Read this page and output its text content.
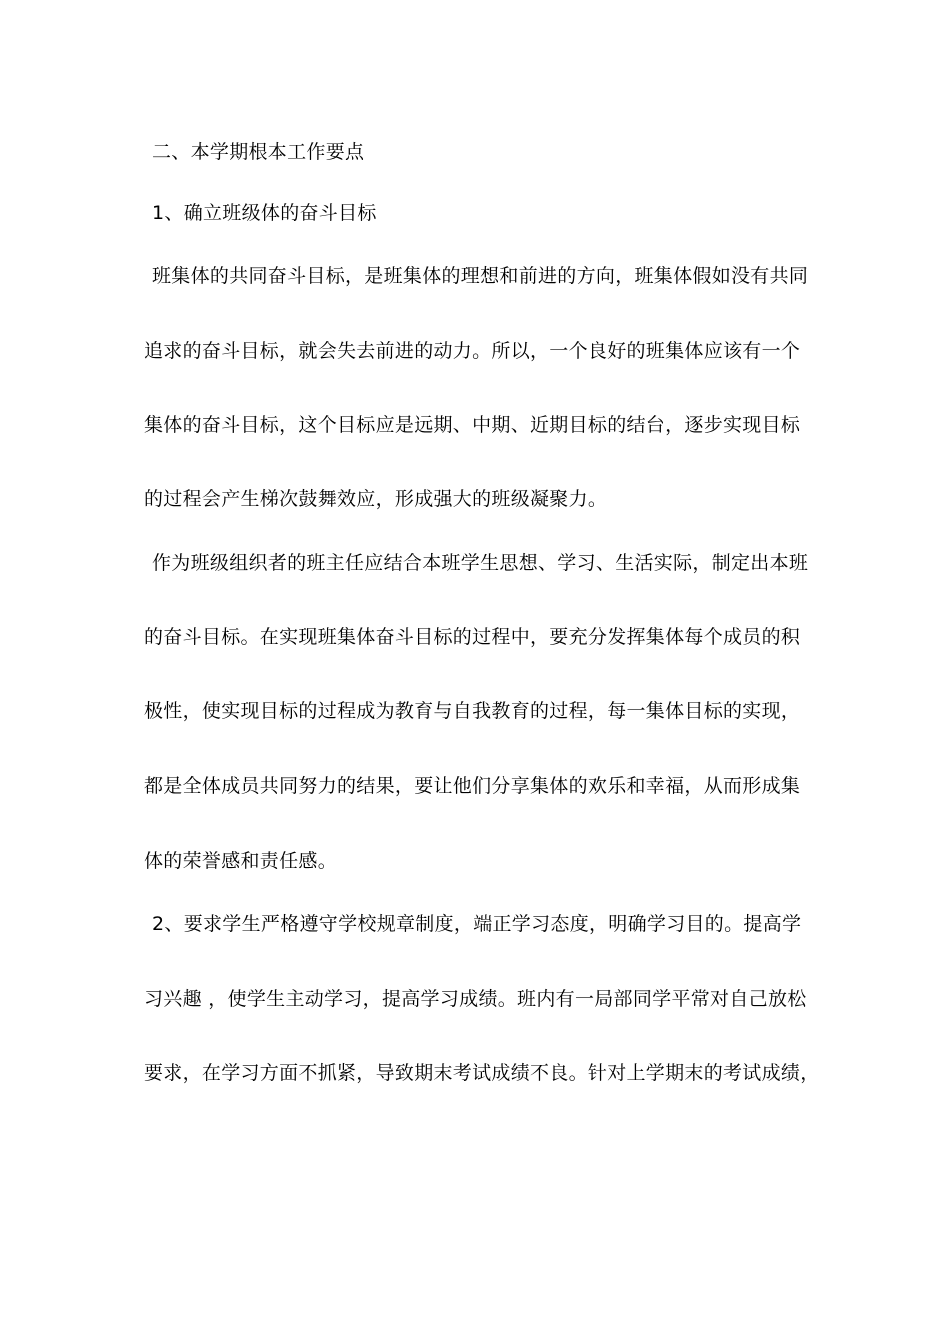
二、本学期根本工作要点
1、确立班级体的奋斗目标
班集体的共同奋斗目标，是班集体的理想和前进的方向，班集体假如没有共同
追求的奋斗目标，就会失去前进的动力。所以，一个良好的班集体应该有一个
集体的奋斗目标，这个目标应是远期、中期、近期目标的结台，逐步实现目标
的过程会产生梯次鼓舞效应，形成强大的班级凝聚力。
作为班级组织者的班主任应结合本班学生思想、学习、生活实际，制定出本班
的奋斗目标。在实现班集体奋斗目标的过程中，要充分发挥集体每个成员的积
极性，使实现目标的过程成为教育与自我教育的过程，每一集体目标的实现，
都是全体成员共同努力的结果，要让他们分享集体的欢乐和幸福，从而形成集
体的荣誉感和责任感。
2、要求学生严格遵守学校规章制度，端正学习态度，明确学习目的。提高学
习兴趣 ，使学生主动学习，提高学习成绩。班内有一局部同学平常对自己放松
要求，在学习方面不抓紧，导致期末考试成绩不良。针对上学期末的考试成绩，
